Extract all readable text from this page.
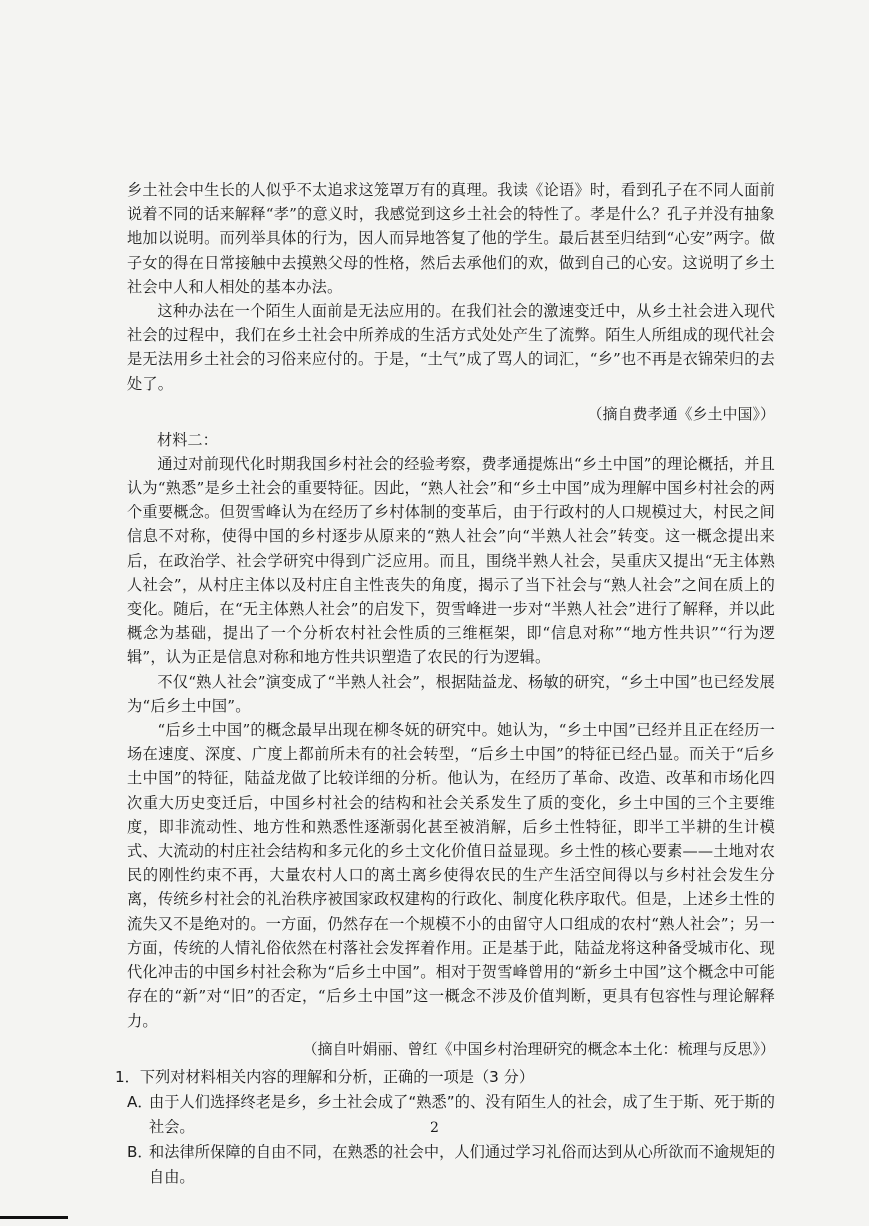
乡土社会中生长的人似乎不太追求这笼罩万有的真理。我读《论语》时，看到孔子在不同人面前说着不同的话来解释“孝”的意义时，我感觉到这乡土社会的特性了。孝是什么？孔子并没有抽象地加以说明。而列举具体的行为，因人而异地答复了他的学生。最后甚至归结到“心安”两字。做子女的得在日常接触中去摸熟父母的性格，然后去承他们的欢，做到自己的心安。这说明了乡土社会中人和人相处的基本办法。

这种办法在一个陌生人面前是无法应用的。在我们社会的激速变迁中，从乡土社会进入现代社会的过程中，我们在乡土社会中所养成的生活方式处处产生了流弊。陌生人所组成的现代社会是无法用乡土社会的习俗来应付的。于是，“土气”成了骂人的词汇，“乡”也不再是衣锦荣归的去处了。

（摘自费孝通《乡土中国》）

材料二：

通过对前现代化时期我国乡村社会的经验考察，费孝通提炼出“乡土中国”的理论概括，并且认为“熟悉”是乡土社会的重要特征。因此，“熟人社会”和“乡土中国”成为理解中国乡村社会的两个重要概念。但贺雪峰认为在经历了乡村体制的变革后，由于行政村的人口规模过大，村民之间信息不对称，使得中国的乡村逐步从原来的“熟人社会”向“半熟人社会”转变。这一概念提出来后，在政治学、社会学研究中得到广泛应用。而且，围绕半熟人社会，吴重庆又提出“无主体熟人社会”，从村庄主体以及村庄自主性丧失的角度，揭示了当下社会与“熟人社会”之间在质上的变化。随后，在“无主体熟人社会”的启发下，贺雪峰进一步对“半熟人社会”进行了解释，并以此概念为基础，提出了一个分析农村社会性质的三维框架，即“信息对称”“地方性共识”“行为逻辑”，认为正是信息对称和地方性共识塑造了农民的行为逻辑。

不仅“熟人社会”演变成了“半熟人社会”，根据陆益龙、杨敏的研究，“乡土中国”也已经发展为“后乡土中国”。

“后乡土中国”的概念最早出现在柳冬妩的研究中。她认为，“乡土中国”已经并且正在经历一场在速度、深度、广度上都前所未有的社会转型，“后乡土中国”的特征已经凸显。而关于“后乡土中国”的特征，陆益龙做了比较详细的分析。他认为，在经历了革命、改造、改革和市场化四次重大历史变迁后，中国乡村社会的结构和社会关系发生了质的变化，乡土中国的三个主要维度，即非流动性、地方性和熟悉性逐渐弱化甚至被消解，后乡土性特征，即半工半耕的生计模式、大流动的村庄社会结构和多元化的乡土文化价值日益显现。乡土性的核心要素——土地对农民的刚性约束不再，大量农村人口的离土离乡使得农民的生产生活空间得以与乡村社会发生分离，传统乡村社会的礼治秩序被国家政权建构的行政化、制度化秩序取代。但是，上述乡土性的流失又不是绝对的。一方面，仍然存在一个规模不小的由留守人口组成的农村“熟人社会”；另一方面，传统的人情礼俗依然在村落社会发挥着作用。正是基于此，陆益龙将这种备受城市化、现代化冲击的中国乡村社会称为“后乡土中国”。相对于贺雪峰曾用的“新乡土中国”这个概念中可能存在的“新”对“旧”的否定，“后乡土中国”这一概念不涉及价值判断，更具有包容性与理论解释力。

（摘自叶娟丽、曾红《中国乡村治理研究的概念本土化：梳理与反思》）

1．下列对材料相关内容的理解和分析，正确的一项是（3 分）

A．
由于人们选择终老是乡，乡土社会成了“熟悉”的、没有陌生人的社会，成了生于斯、死于斯的社会。
B．
和法律所保障的自由不同，在熟悉的社会中，人们通过学习礼俗而达到从心所欲而不逾规矩的自由。
2
